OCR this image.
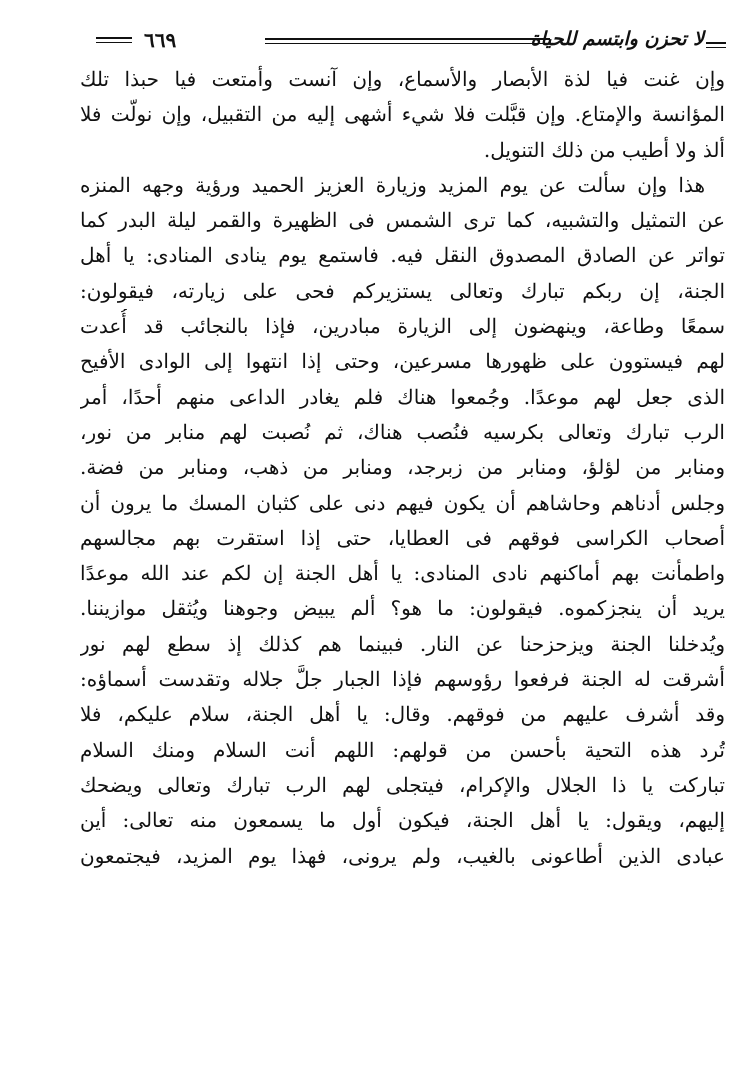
لا تحزن وابتسم للحياة
٦٦٩

وإن غنت فيا لذة الأبصار والأسماع، وإن آنست وأمتعت فيا حبذا تلك
المؤانسة والإمتاع. وإن قبَّلت فلا شيء أشهى إليه من التقبيل، وإن نولّت فلا
ألذ ولا أطيب من ذلك التنويل.

هذا وإن سألت عن يوم المزيد وزيارة العزيز الحميد ورؤية وجهه المنزه
عن التمثيل والتشبيه، كما ترى الشمس فى الظهيرة والقمر ليلة البدر كما
تواتر عن الصادق المصدوق النقل فيه. فاستمع يوم ينادى المنادى: يا أهل
الجنة، إن ربكم تبارك وتعالى يستزيركم فحى على زيارته، فيقولون:
سمعًا وطاعة، وينهضون إلى الزيارة مبادرين، فإذا بالنجائب قد أُعدت
لهم فيستوون على ظهورها مسرعين، وحتى إذا انتهوا إلى الوادى الأفيح
الذى جعل لهم موعدًا. وجُمعوا هناك فلم يغادر الداعى منهم أحدًا، أمر
الرب تبارك وتعالى بكرسيه فنُصب هناك، ثم نُصبت لهم منابر من نور،
ومنابر من لؤلؤ، ومنابر من زبرجد، ومنابر من ذهب، ومنابر من فضة.
وجلس أدناهم وحاشاهم أن يكون فيهم دنى على كثبان المسك ما يرون أن
أصحاب الكراسى فوقهم فى العطايا، حتى إذا استقرت بهم مجالسهم
واطمأنت بهم أماكنهم نادى المنادى: يا أهل الجنة إن لكم عند الله موعدًا
يريد أن ينجزكموه. فيقولون: ما هو؟ ألم يبيض وجوهنا ويُثقل موازيننا.
ويُدخلنا الجنة ويزحزحنا عن النار. فبينما هم كذلك إذ سطع لهم نور
أشرقت له الجنة فرفعوا رؤوسهم فإذا الجبار جلَّ جلاله وتقدست أسماؤه:
وقد أشرف عليهم من فوقهم. وقال: يا أهل الجنة، سلام عليكم، فلا
تُرد هذه التحية بأحسن من قولهم: اللهم أنت السلام ومنك السلام
تباركت يا ذا الجلال والإكرام، فيتجلى لهم الرب تبارك وتعالى ويضحك
إليهم، ويقول: يا أهل الجنة، فيكون أول ما يسمعون منه تعالى: أين
عبادى الذين أطاعونى بالغيب، ولم يرونى، فهذا يوم المزيد، فيجتمعون
